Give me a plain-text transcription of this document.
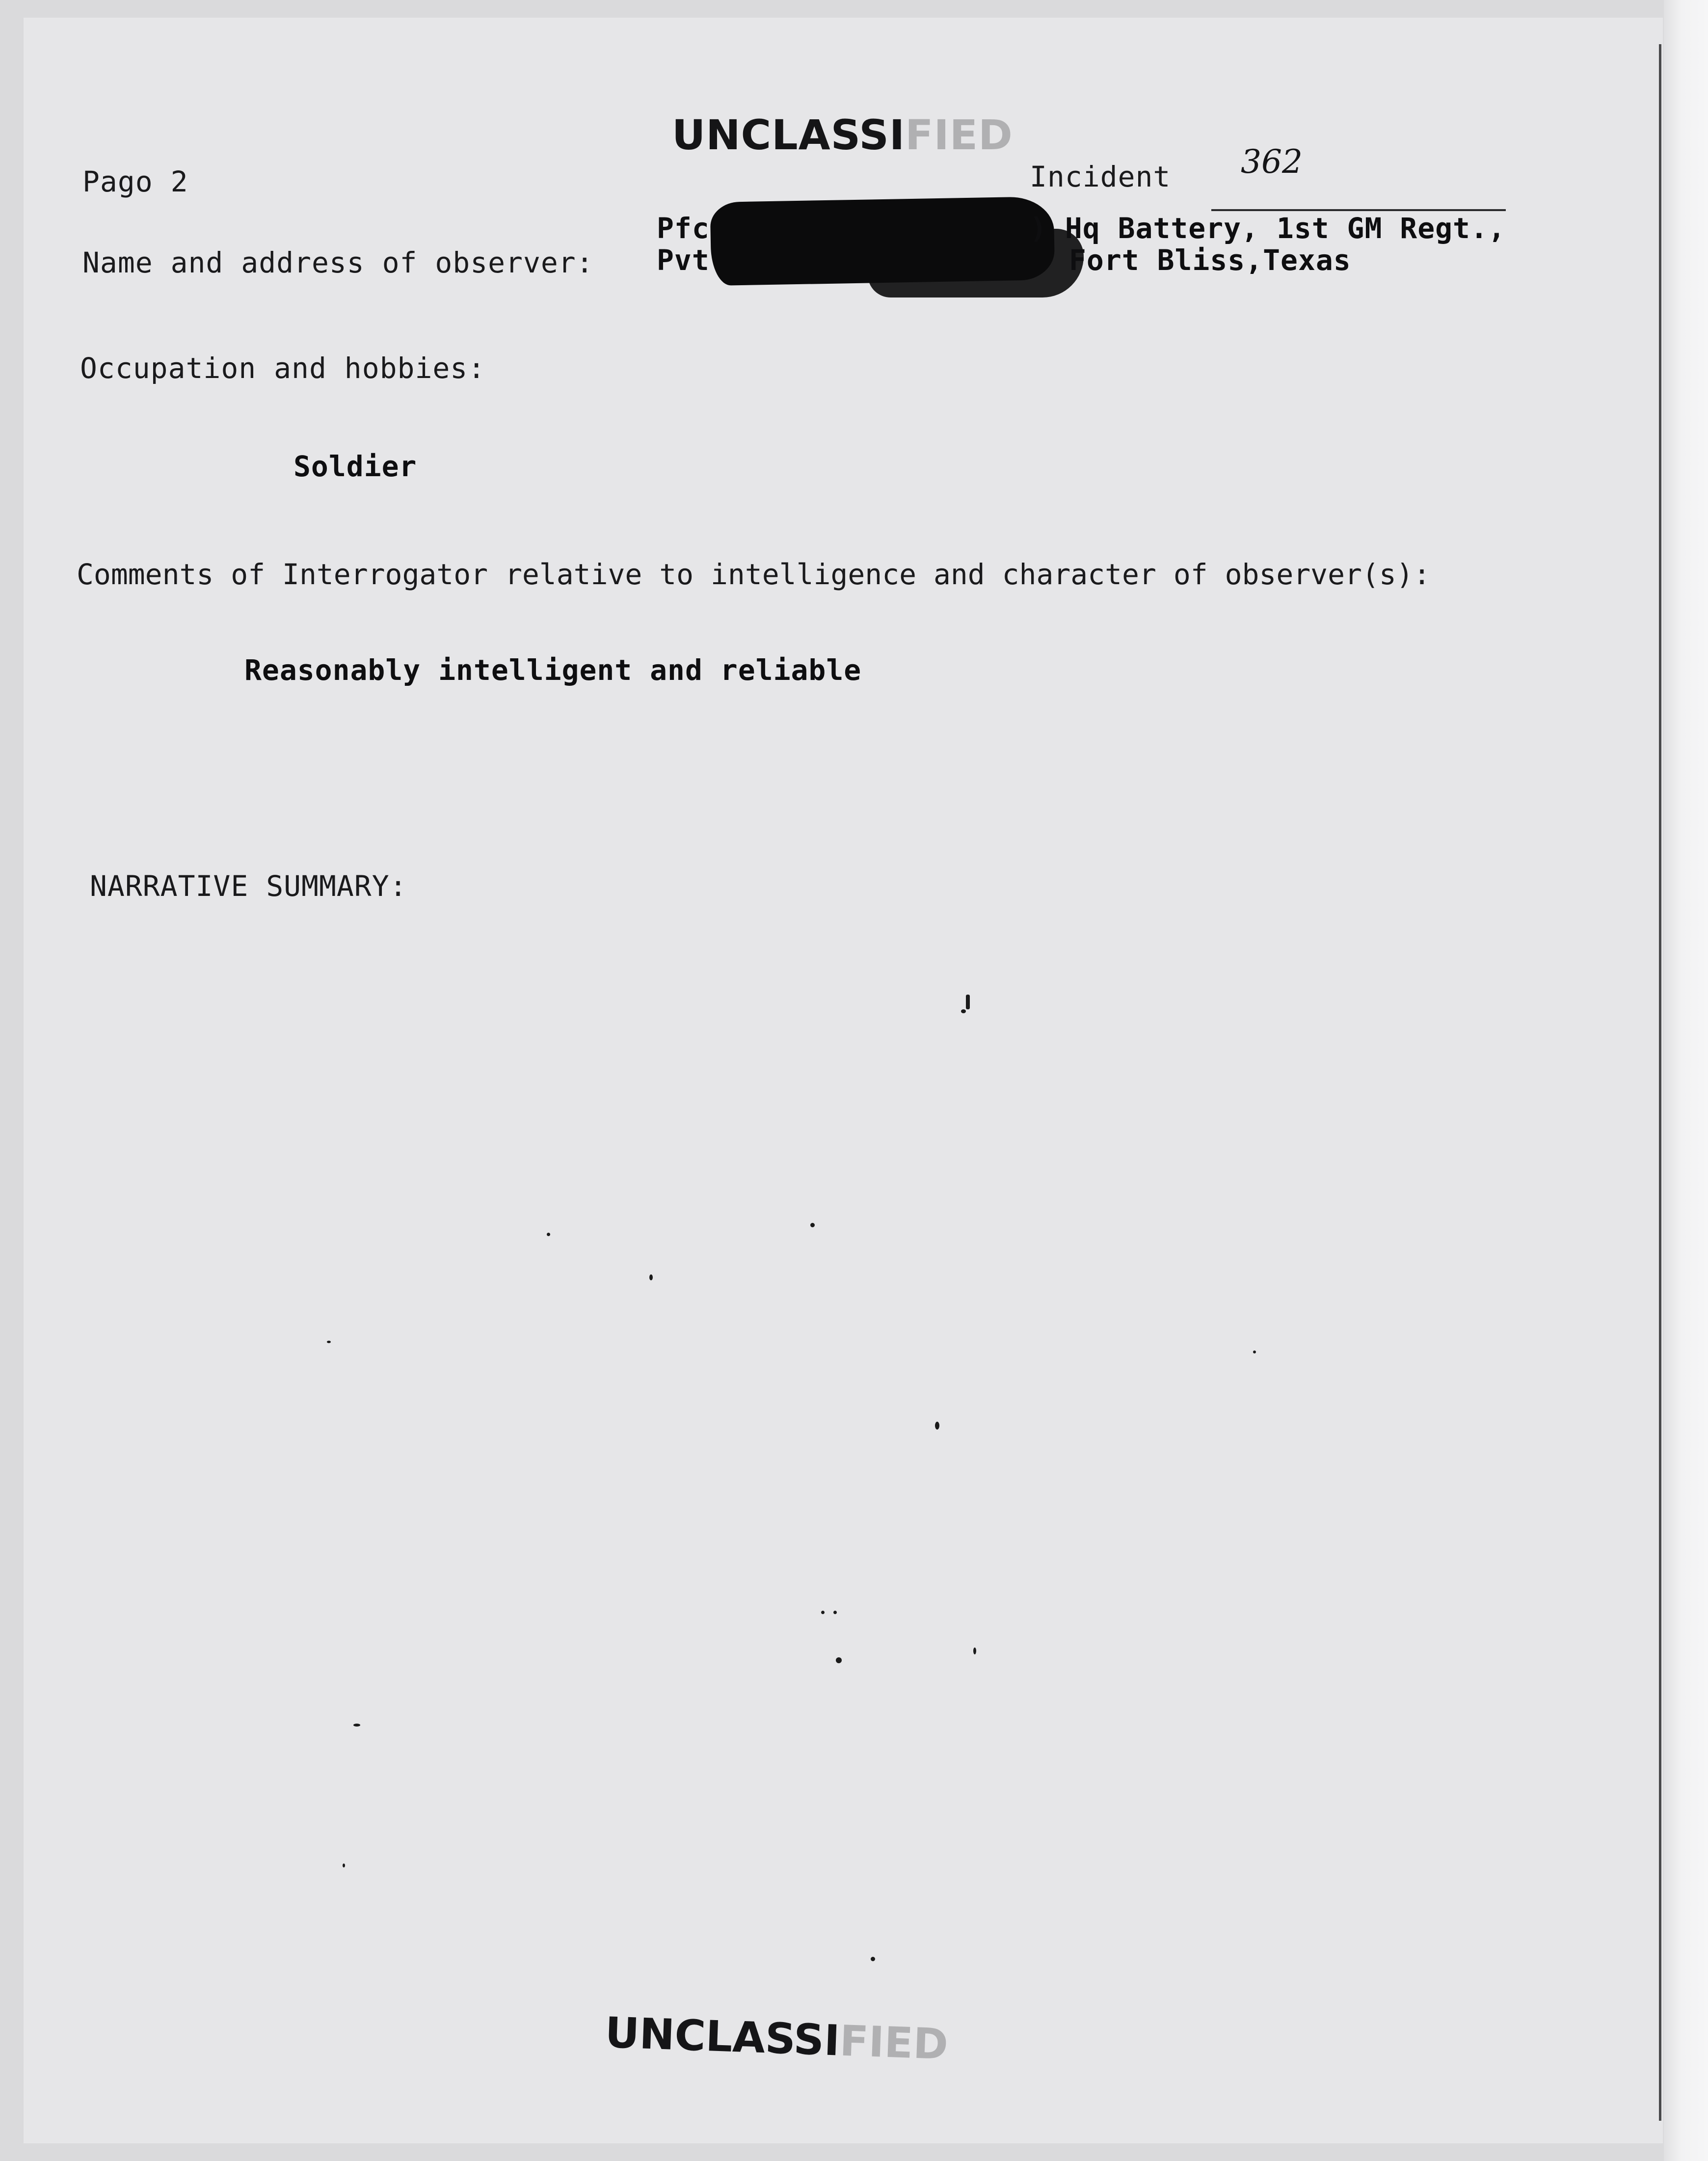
UNCLASSIFIED

Pago 2	Incident 362
Name and address of observer:
Pfc
Pvt
) Hq Battery, 1st GM Regt.,
Fort Bliss,Texas
Occupation and hobbies:
Soldier
Comments of Interrogator relative to intelligence and character of observer(s):
Reasonably intelligent and reliable
NARRATIVE SUMMARY:

UNCLASSIFIED
